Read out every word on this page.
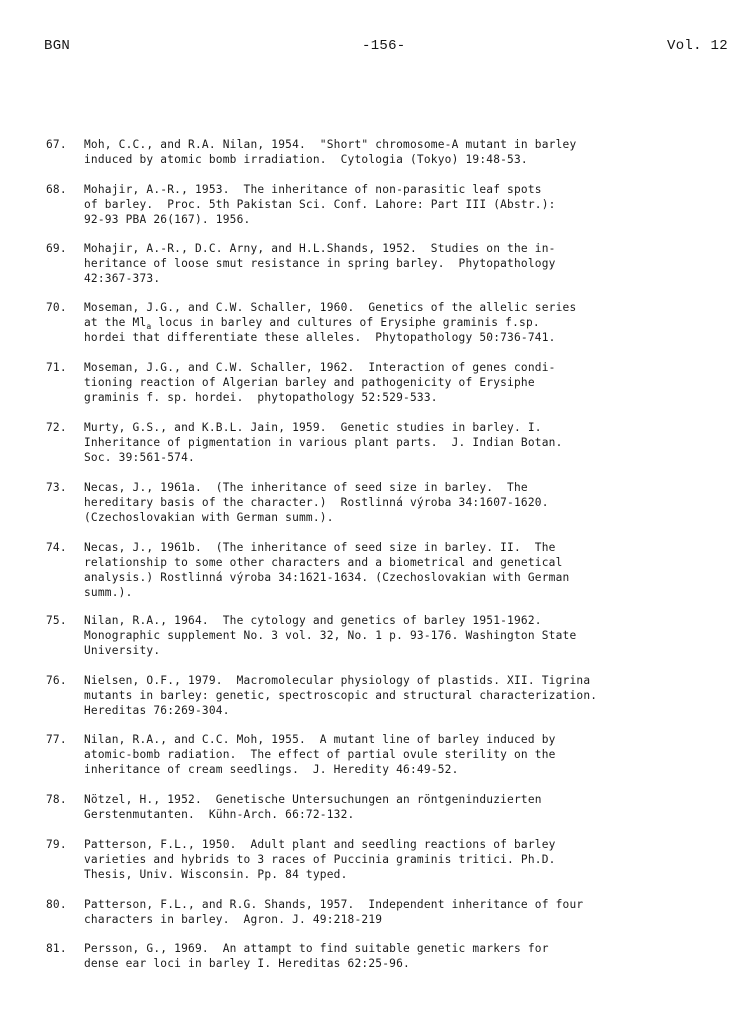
BGN	-156-	Vol. 12
67.	Moh, C.C., and R.A. Nilan, 1954.  "Short" chromosome-A mutant in barley
induced by atomic bomb irradiation.  Cytologia (Tokyo) 19:48-53.
68.	Mohajir, A.-R., 1953.  The inheritance of non-parasitic leaf spots
of barley.  Proc. 5th Pakistan Sci. Conf. Lahore: Part III (Abstr.):
92-93 PBA 26(167). 1956.
69.	Mohajir, A.-R., D.C. Arny, and H.L.Shands, 1952.  Studies on the in-
heritance of loose smut resistance in spring barley.  Phytopathology
42:367-373.
70.	Moseman, J.G., and C.W. Schaller, 1960.  Genetics of the allelic series
at the $Ml_a$ locus in barley and cultures of Erysiphe graminis f.sp.
hordei that differentiate these alleles.  Phytopathology 50:736-741.
71.	Moseman, J.G., and C.W. Schaller, 1962.  Interaction of genes condi-
tioning reaction of Algerian barley and pathogenicity of Erysiphe
graminis f. sp. hordei.  phytopathology 52:529-533.
72.	Murty, G.S., and K.B.L. Jain, 1959.  Genetic studies in barley. I.
Inheritance of pigmentation in various plant parts.  J. Indian Botan.
Soc. 39:561-574.
73.	Necas, J., 1961a.  (The inheritance of seed size in barley.  The
hereditary basis of the character.)  Rostlinná výroba 34:1607-1620.
(Czechoslovakian with German summ.).
74.	Necas, J., 1961b.  (The inheritance of seed size in barley. II.  The
relationship to some other characters and a biometrical and genetical
analysis.) Rostlinná výroba 34:1621-1634. (Czechoslovakian with German
summ.).
75.	Nilan, R.A., 1964.  The cytology and genetics of barley 1951-1962.
Monographic supplement No. 3 vol. 32, No. 1 p. 93-176. Washington State
University.
76.	Nielsen, O.F., 1979.  Macromolecular physiology of plastids. XII. Tigrina
mutants in barley: genetic, spectroscopic and structural characterization.
Hereditas 76:269-304.
77.	Nilan, R.A., and C.C. Moh, 1955.  A mutant line of barley induced by
atomic-bomb radiation.  The effect of partial ovule sterility on the
inheritance of cream seedlings.  J. Heredity 46:49-52.
78.	Nötzel, H., 1952.  Genetische Untersuchungen an röntgeninduzierten
Gerstenmutanten.  Kühn-Arch. 66:72-132.
79.	Patterson, F.L., 1950.  Adult plant and seedling reactions of barley
varieties and hybrids to 3 races of Puccinia graminis tritici. Ph.D.
Thesis, Univ. Wisconsin. Pp. 84 typed.
80.	Patterson, F.L., and R.G. Shands, 1957.  Independent inheritance of four
characters in barley.  Agron. J. 49:218-219
81.	Persson, G., 1969.  An attampt to find suitable genetic markers for
dense ear loci in barley I. Hereditas 62:25-96.
